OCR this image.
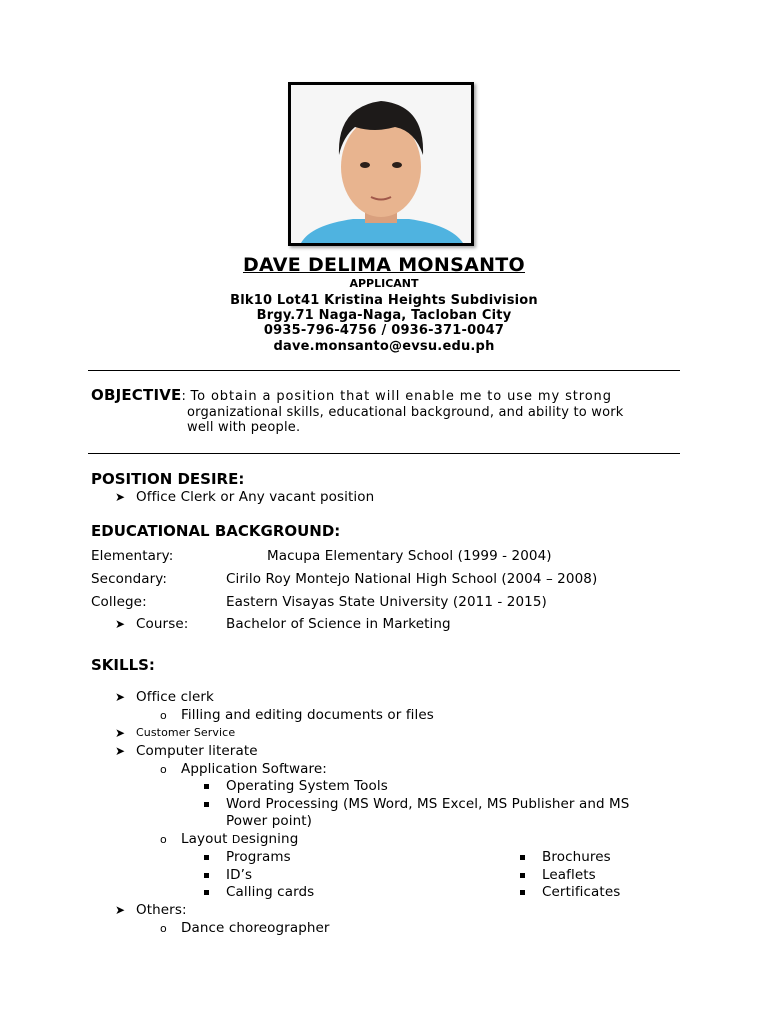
DAVE DELIMA MONSANTO
APPLICANT
Blk10 Lot41 Kristina Heights Subdivision
Brgy.71 Naga-Naga, Tacloban City
0935-796-4756 / 0936-371-0047
dave.monsanto@evsu.edu.ph
OBJECTIVE: To obtain a position that will enable me to use my strong
organizational skills, educational background, and ability to work
well with people.
POSITION DESIRE:
➤ Office Clerk or Any vacant position
EDUCATIONAL BACKGROUND:
Elementary:	Macupa Elementary School (1999 - 2004)
Secondary:	Cirilo Roy Montejo National High School (2004 – 2008)
College:	Eastern Visayas State University (2011 - 2015)
➤ Course:	Bachelor of Science in Marketing
SKILLS:
➤ Office clerk
o Filling and editing documents or files
➤ Customer Service
➤ Computer literate
o Application Software:
Operating System Tools
Word Processing (MS Word, MS Excel, MS Publisher and MS
Power point)
o Layout Designing
Programs
ID’s
Calling cards
Brochures
Leaflets
Certificates
➤ Others:
o Dance choreographer
